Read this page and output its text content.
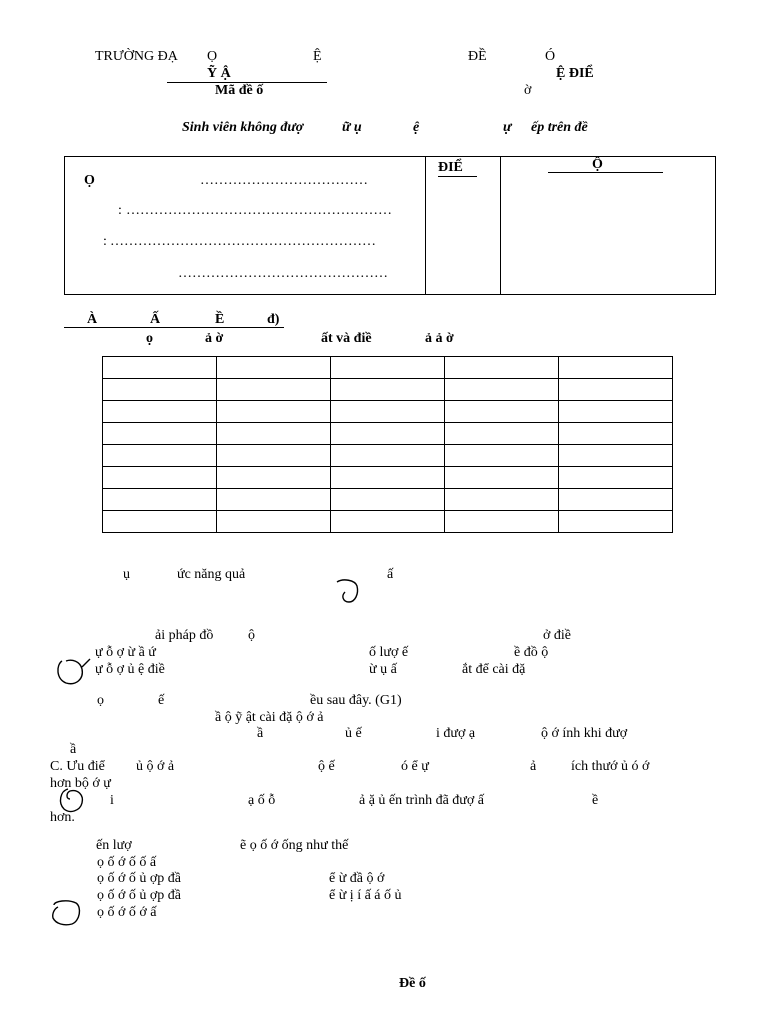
TRƯỜNG ĐẠ Ọ	Ệ	ĐỀ	Ó
Ỹ Ậ	Ệ ĐIỂ
Mã đề ố	ờ
Sinh viên không đượ	ữ ụ	ệ	ự ếp trên đề
Ọ	………………………………
: …………………………………………………
: …………………………………………………
………………………………………
ĐIỂ	Ộ
À	Ấ	Ề	đ)
ọ	ả ờ	ất và điề	ả ả ờ

ụ	ức năng quả	ấ
ải pháp đồ ộ	ở điề
ự ỗ ợ ừ ầ ứ	ố lượ ế	ề đồ ộ
ự ỗ ợ ủ ệ điề	ừ ụ ấ	ắt để cài đặ
ọ	ế	ều sau đây. (G1)
ầ ộ ỹ ật cài đặ ộ ớ ả
ầ	ủ ế	i đượ ạ	ộ ớ ính khi đượ
ầ
C. Ưu điể ủ ộ ớ ả	ộ ế	ó ể ự	ả ích thướ ủ ó ớ
hơn bộ ớ ự
i	ạ ố ỗ	ả ặ ủ ến trình đã đượ ấ	ề
hơn.
ến lượ	ẽ ọ ố ớ ống như thế
ọ ố ớ ố ố ấ
ọ ố ớ ố ủ ợp đầ	ể ừ đầ ộ ớ
ọ ố ớ ố ủ ợp đầ	ể ừ ị í ấ á ố ủ
ọ ố ớ ố ớ ấ
Đề ố
